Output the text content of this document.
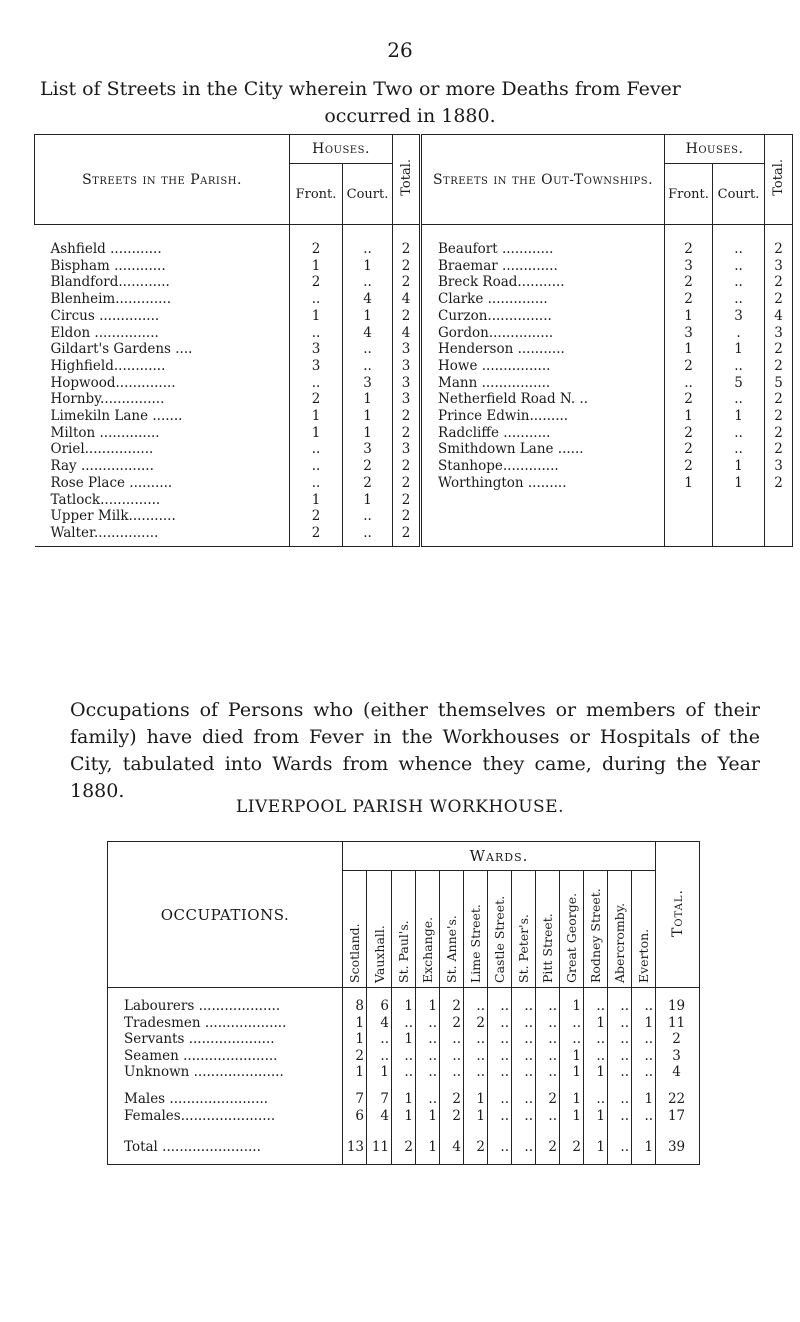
26
List of Streets in the City wherein Two or more Deaths from Fever
occurred in 1880.
Streets in the Parish.	Houses.		Total.	Streets in the Out-Townships.	Houses.		Total.
	Front.	Court.			Front.	Court.	
Ashfield ............	2	..	2	Beaufort ............	2	..	2
Bispham ............	1	1	2	Braemar .............	3	..	3
Blandford............	2	..	2	Breck Road...........	2	..	2
Blenheim.............	..	4	4	Clarke ..............	2	..	2
Circus ..............	1	1	2	Curzon...............	1	3	4
Eldon ...............	..	4	4	Gordon...............	3	.	3
Gildart's Gardens ....	3	..	3	Henderson ...........	1	1	2
Highfield............	3	..	3	Howe ................	2	..	2
Hopwood..............	..	3	3	Mann ................	..	5	5
Hornby...............	2	1	3	Netherfield Road N. ..	2	..	2
Limekiln Lane .......	1	1	2	Prince Edwin.........	1	1	2
Milton ..............	1	1	2	Radcliffe ...........	2	..	2
Oriel................	..	3	3	Smithdown Lane ......	2	..	2
Ray .................	..	2	2	Stanhope.............	2	1	3
Rose Place ..........	..	2	2	Worthington .........	1	1	2
Tatlock..............	1	1	2				
Upper Milk...........	2	..	2				
Walter...............	2	..	2				
Occupations of Persons who (either themselves or members of their family) have died from Fever in the Workhouses or Hospitals of the City, tabulated into Wards from whence they came, during the Year 1880.
LIVERPOOL PARISH WORKHOUSE.
OCCUPATIONS.	Wards.													Total.
	Scotland.	Vauxhall.	St. Paul's.	Exchange.	St. Anne's.	Lime Street.	Castle Street.	St. Peter's.	Pitt Street.	Great George.	Rodney Street.	Abercromby.	Everton.	
Labourers ...................	8	6	1	1	2	..	..	..	..	1	..	..	..	19
Tradesmen ...................	1	4	..	..	2	2	..	..	..	..	1	..	1	11
Servants ....................	1	..	1	..	..	..	..	..	..	..	..	..	..	2
Seamen ......................	2	..	..	..	..	..	..	..	..	1	..	..	..	3
Unknown .....................	1	1	..	..	..	..	..	..	..	1	1	..	..	4

Males .......................	7	7	1	..	2	1	..	..	2	1	..	..	1	22
Females......................	6	4	1	1	2	1	..	..	..	1	1	..	..	17

Total .......................	13	11	2	1	4	2	..	..	2	2	1	..	1	39
